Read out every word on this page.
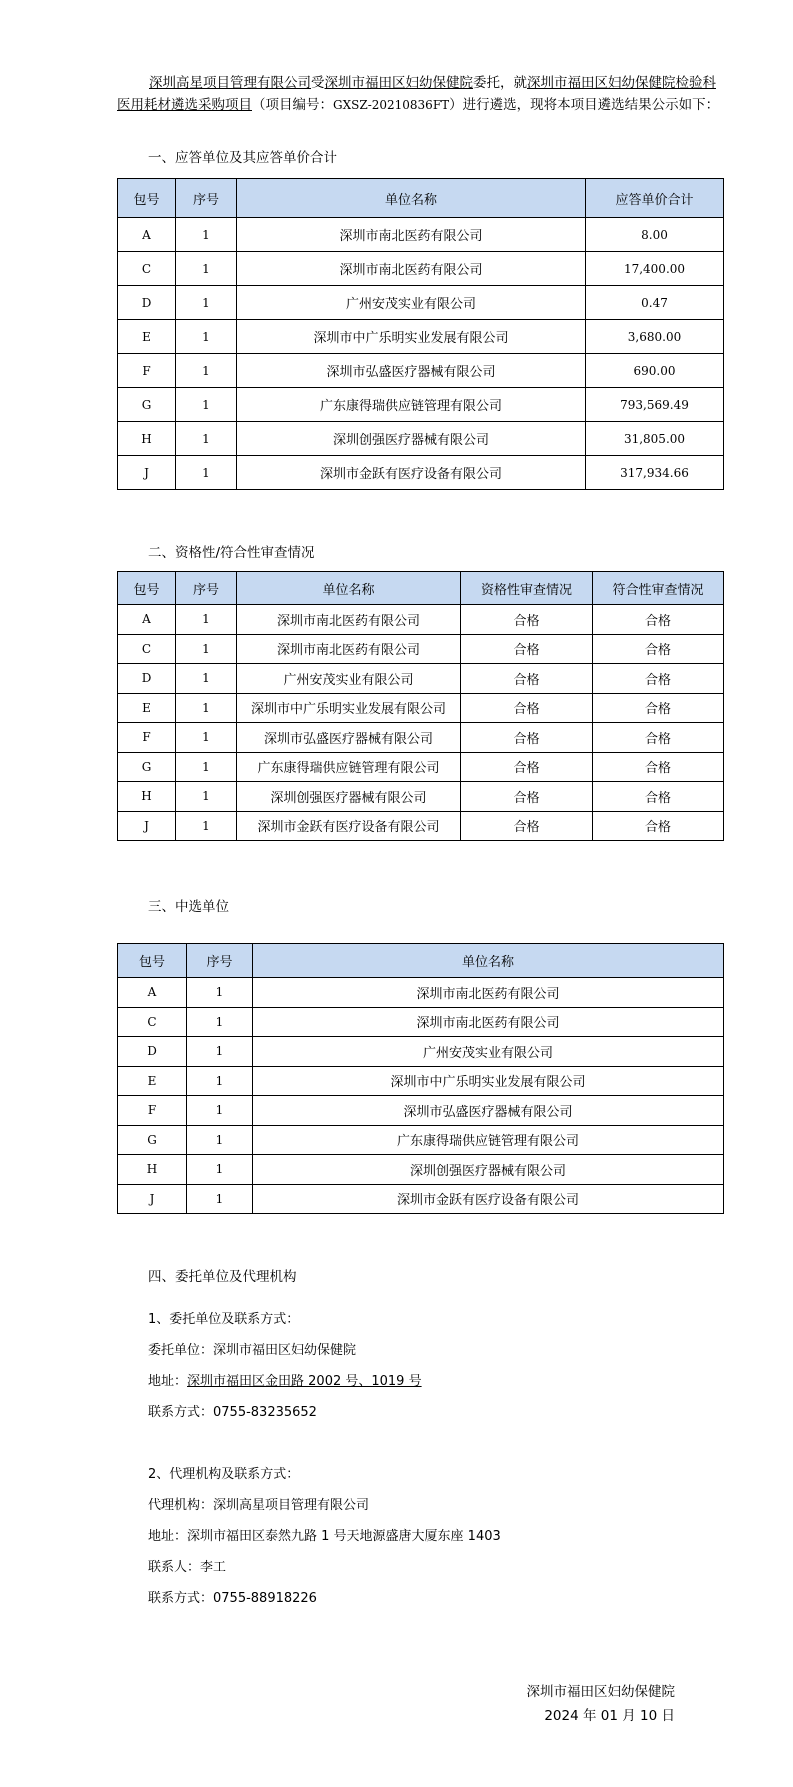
深圳高星项目管理有限公司受深圳市福田区妇幼保健院委托，就深圳市福田区妇幼保健院检验科医用耗材遴选采购项目（项目编号：GXSZ-20210836FT）进行遴选，现将本项目遴选结果公示如下：
一、应答单位及其应答单价合计
包号	序号	单位名称	应答单价合计
A	1	深圳市南北医药有限公司	8.00
C	1	深圳市南北医药有限公司	17,400.00
D	1	广州安茂实业有限公司	0.47
E	1	深圳市中广乐明实业发展有限公司	3,680.00
F	1	深圳市弘盛医疗器械有限公司	690.00
G	1	广东康得瑞供应链管理有限公司	793,569.49
H	1	深圳创强医疗器械有限公司	31,805.00
J	1	深圳市金跃有医疗设备有限公司	317,934.66
二、资格性/符合性审查情况
包号	序号	单位名称	资格性审查情况	符合性审查情况
A	1	深圳市南北医药有限公司	合格	合格
C	1	深圳市南北医药有限公司	合格	合格
D	1	广州安茂实业有限公司	合格	合格
E	1	深圳市中广乐明实业发展有限公司	合格	合格
F	1	深圳市弘盛医疗器械有限公司	合格	合格
G	1	广东康得瑞供应链管理有限公司	合格	合格
H	1	深圳创强医疗器械有限公司	合格	合格
J	1	深圳市金跃有医疗设备有限公司	合格	合格
三、中选单位
包号	序号	单位名称
A	1	深圳市南北医药有限公司
C	1	深圳市南北医药有限公司
D	1	广州安茂实业有限公司
E	1	深圳市中广乐明实业发展有限公司
F	1	深圳市弘盛医疗器械有限公司
G	1	广东康得瑞供应链管理有限公司
H	1	深圳创强医疗器械有限公司
J	1	深圳市金跃有医疗设备有限公司
四、委托单位及代理机构
1、委托单位及联系方式：
委托单位：深圳市福田区妇幼保健院
地址：深圳市福田区金田路 2002 号、1019 号
联系方式：0755-83235652
2、代理机构及联系方式：
代理机构：深圳高星项目管理有限公司
地址：深圳市福田区泰然九路 1 号天地源盛唐大厦东座 1403
联系人：李工
联系方式：0755-88918226
深圳市福田区妇幼保健院
2024 年 01 月 10 日
